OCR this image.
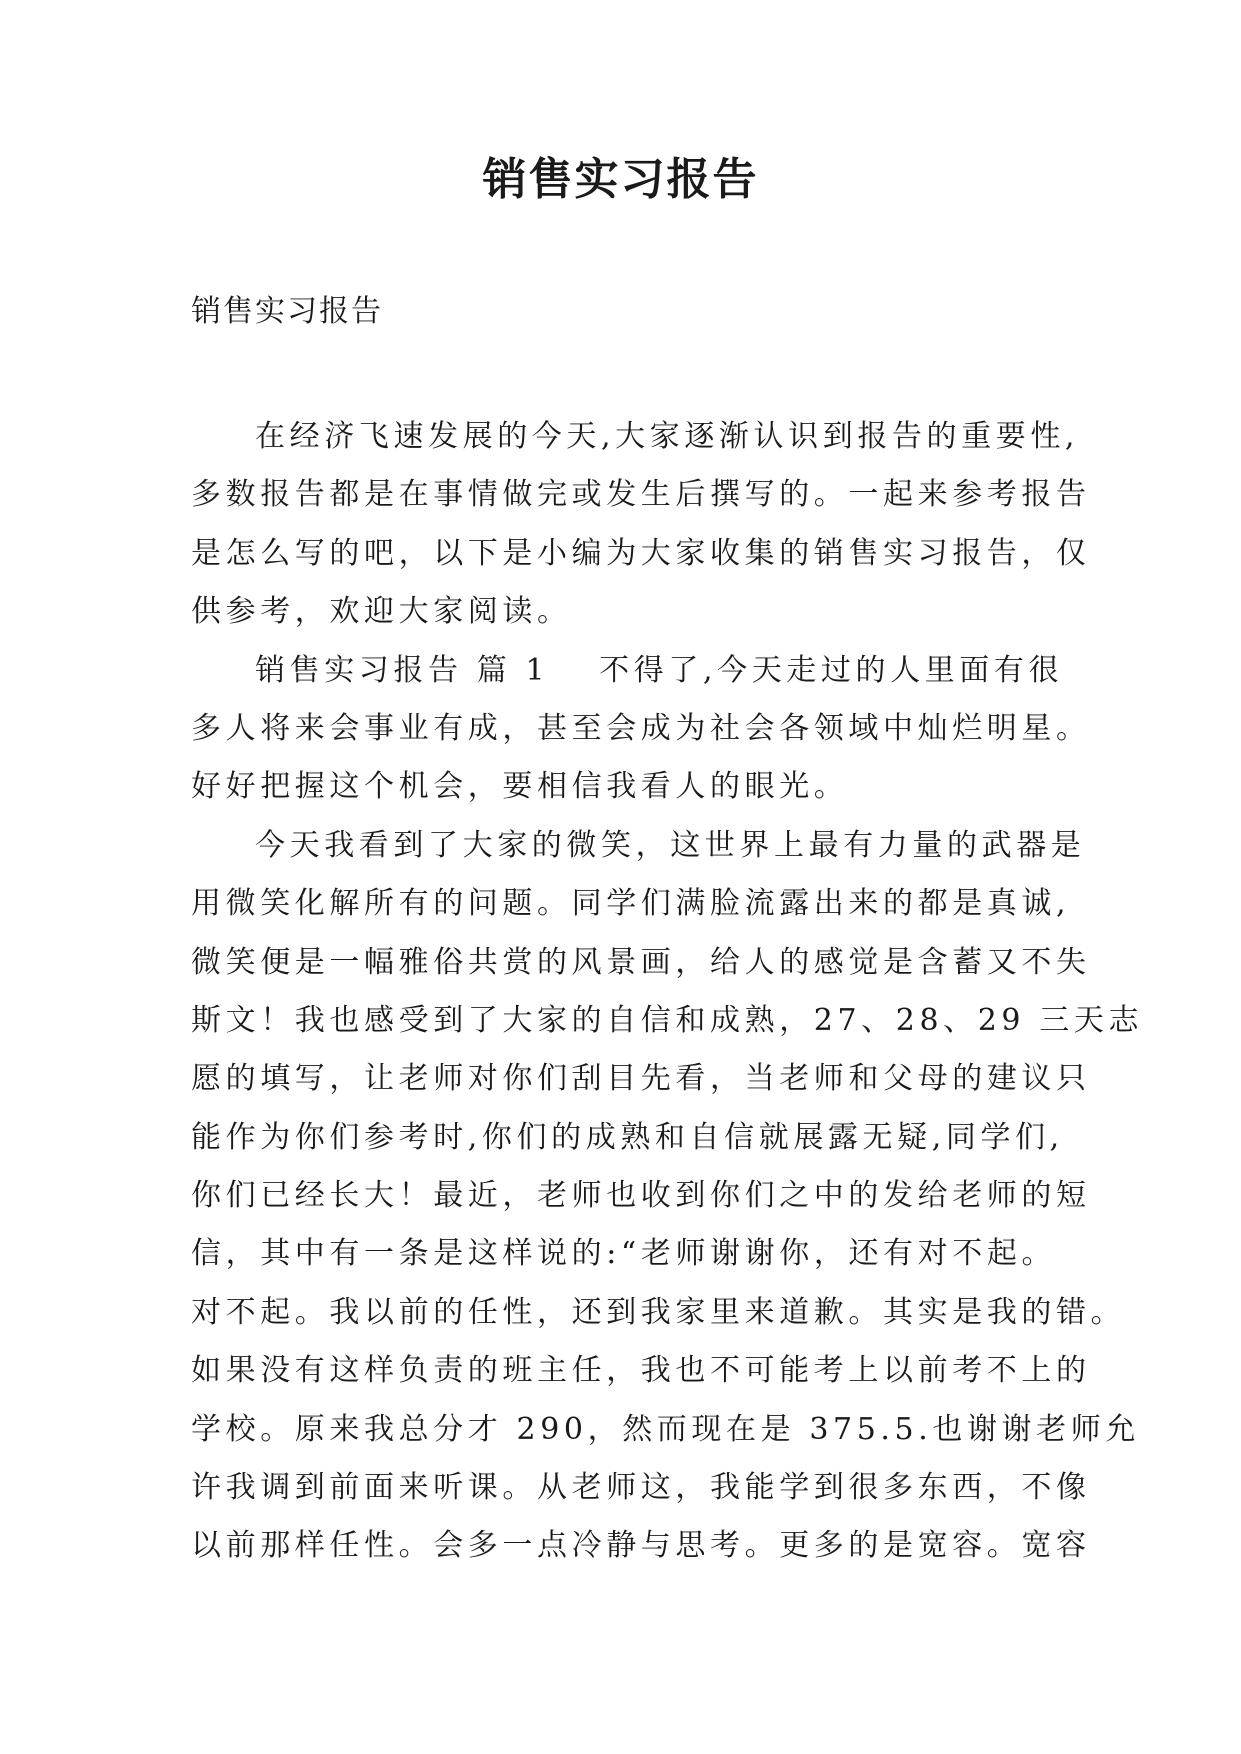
销售实习报告

销售实习报告

在经济飞速发展的今天,大家逐渐认识到报告的重要性,
多数报告都是在事情做完或发生后撰写的。一起来参考报告
是怎么写的吧，以下是小编为大家收集的销售实习报告，仅
供参考，欢迎大家阅读。
销售实习报告 篇 1 不得了,今天走过的人里面有很
多人将来会事业有成，甚至会成为社会各领域中灿烂明星。
好好把握这个机会，要相信我看人的眼光。
今天我看到了大家的微笑，这世界上最有力量的武器是
用微笑化解所有的问题。同学们满脸流露出来的都是真诚,
微笑便是一幅雅俗共赏的风景画，给人的感觉是含蓄又不失
斯文！我也感受到了大家的自信和成熟，27、28、29 三天志
愿的填写，让老师对你们刮目先看，当老师和父母的建议只
能作为你们参考时,你们的成熟和自信就展露无疑,同学们,
你们已经长大！最近，老师也收到你们之中的发给老师的短
信，其中有一条是这样说的:“老师谢谢你，还有对不起。
对不起。我以前的任性，还到我家里来道歉。其实是我的错。
如果没有这样负责的班主任，我也不可能考上以前考不上的
学校。原来我总分才 290，然而现在是 375.5.也谢谢老师允
许我调到前面来听课。从老师这，我能学到很多东西，不像
以前那样任性。会多一点冷静与思考。更多的是宽容。宽容
